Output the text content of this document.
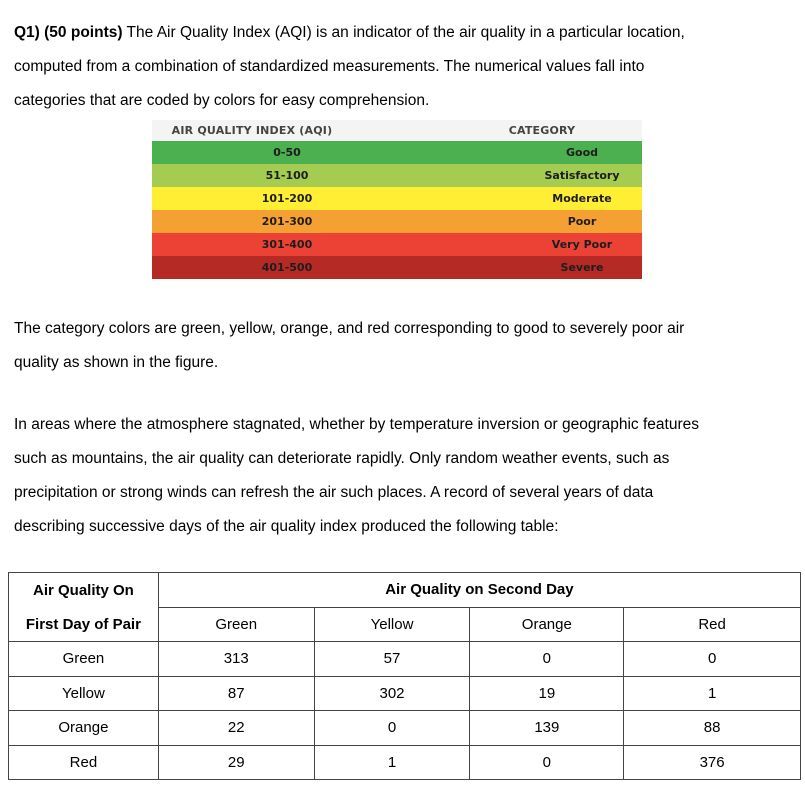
Q1) (50 points) The Air Quality Index (AQI) is an indicator of the air quality in a particular location,

computed from a combination of standardized measurements. The numerical values fall into

categories that are coded by colors for easy comprehension.

AIR QUALITY INDEX (AQI)	CATEGORY
0-50	Good
51-100	Satisfactory
101-200	Moderate
201-300	Poor
301-400	Very Poor
401-500	Severe

The category colors are green, yellow, orange, and red corresponding to good to severely poor air

quality as shown in the figure.

In areas where the atmosphere stagnated, whether by temperature inversion or geographic features

such as mountains, the air quality can deteriorate rapidly. Only random weather events, such as

precipitation or strong winds can refresh the air such places. A record of several years of data

describing successive days of the air quality index produced the following table:

Air Quality On	Air Quality on Second Day			
First Day of Pair	Green	Yellow	Orange	Red
Green	313	57	0	0
Yellow	87	302	19	1
Orange	22	0	139	88
Red	29	1	0	376
